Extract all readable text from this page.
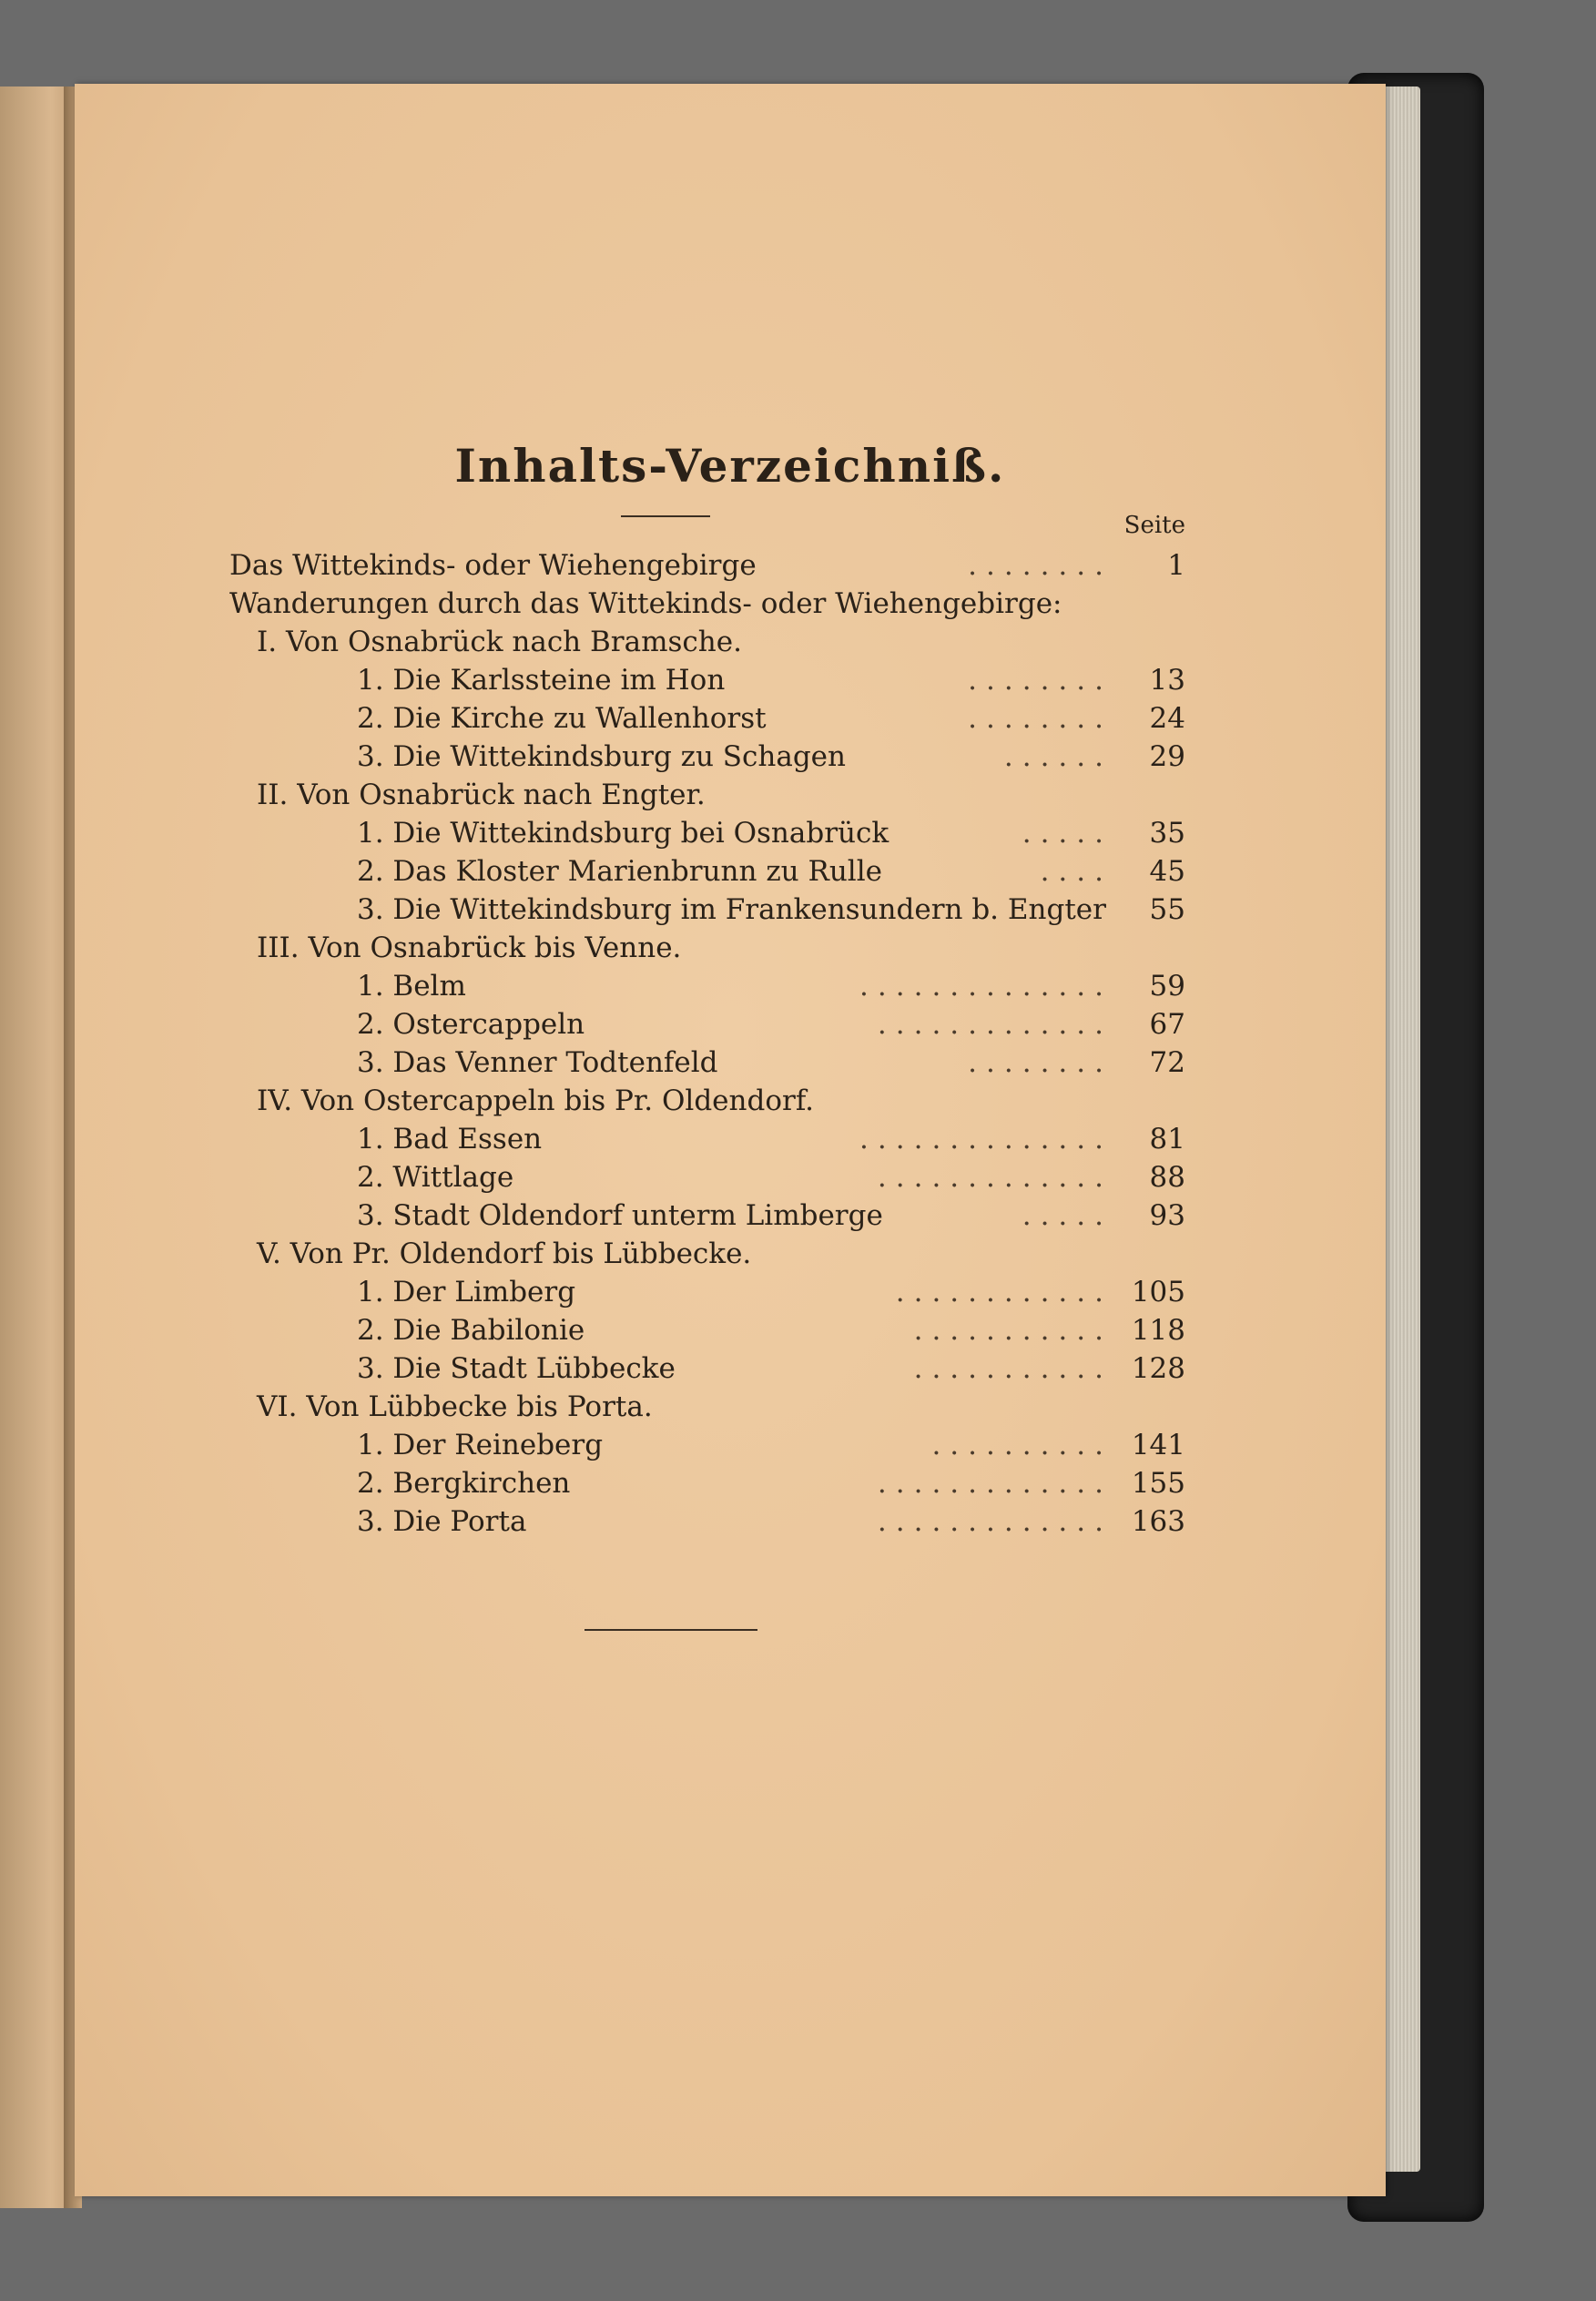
Inhalts-Verzeichniß.
Seite
Das Wittekinds- oder Wiehengebirge	........	1
Wanderungen durch das Wittekinds- oder Wiehengebirge:
I. Von Osnabrück nach Bramsche.
1. Die Karlssteine im Hon	........	13
2. Die Kirche zu Wallenhorst	........	24
3. Die Wittekindsburg zu Schagen	......	29
II. Von Osnabrück nach Engter.
1. Die Wittekindsburg bei Osnabrück	.....	35
2. Das Kloster Marienbrunn zu Rulle	....	45
3. Die Wittekindsburg im Frankensundern b. Engter	55
III. Von Osnabrück bis Venne.
1. Belm	..............	59
2. Ostercappeln	.............	67
3. Das Venner Todtenfeld	........	72
IV. Von Ostercappeln bis Pr. Oldendorf.
1. Bad Essen	..............	81
2. Wittlage	.............	88
3. Stadt Oldendorf unterm Limberge	.....	93
V. Von Pr. Oldendorf bis Lübbecke.
1. Der Limberg	............ 105
2. Die Babilonie	........... 118
3. Die Stadt Lübbecke	........... 128
VI. Von Lübbecke bis Porta.
1. Der Reineberg	.......... 141
2. Bergkirchen	............. 155
3. Die Porta	............. 163
